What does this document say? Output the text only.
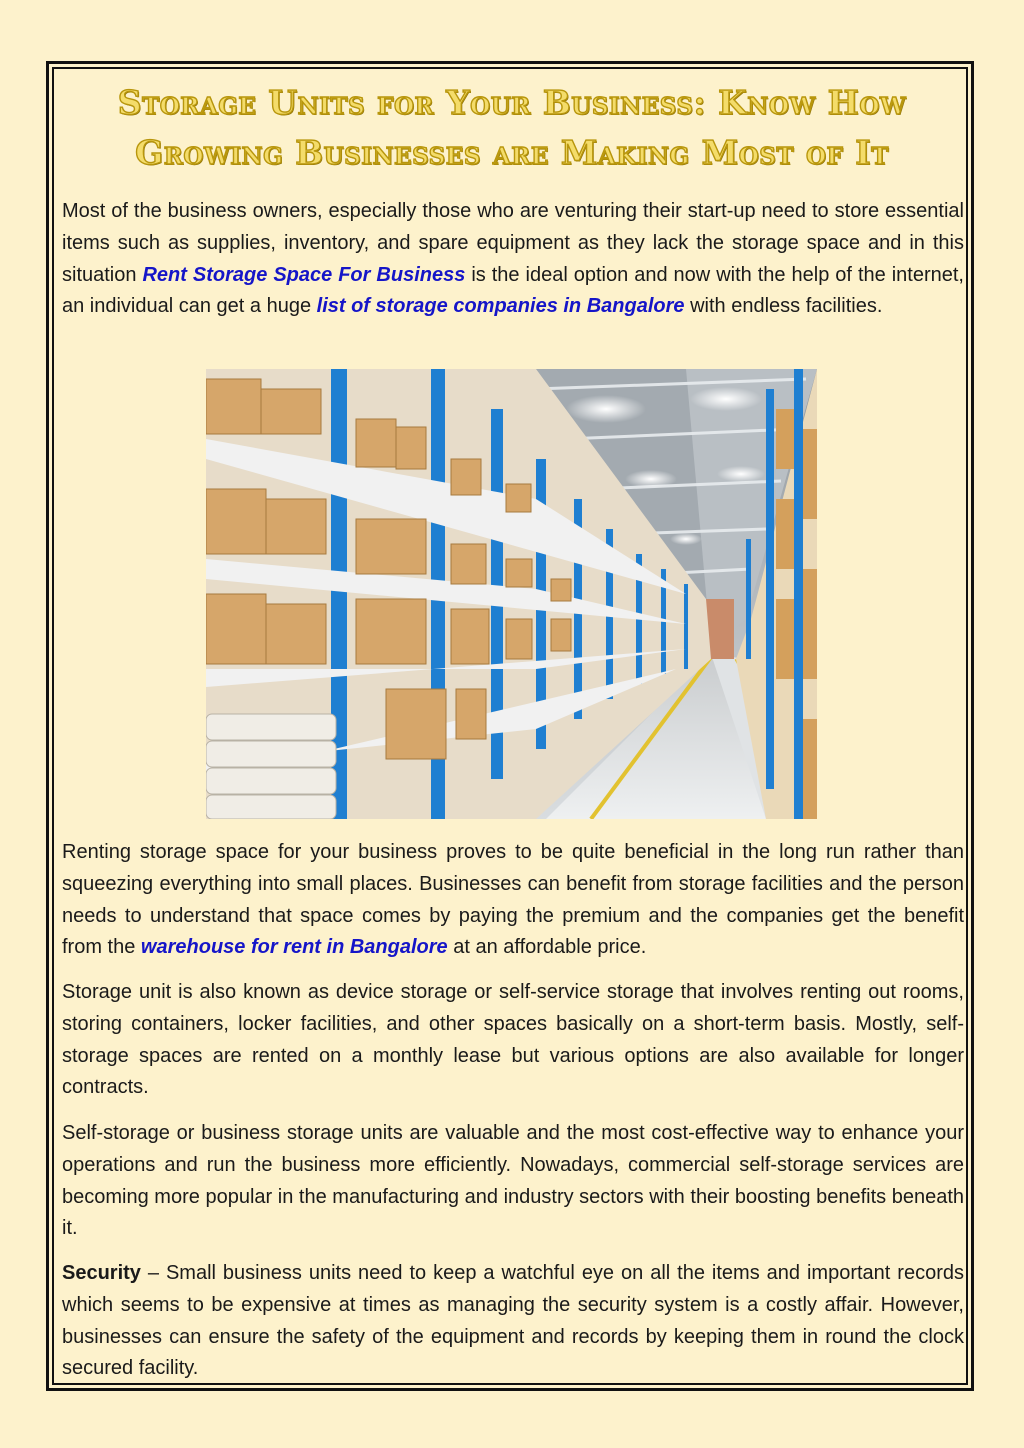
Storage Units for Your Business: Know How Growing Businesses are Making Most of It

Most of the business owners, especially those who are venturing their start-up need to store essential items such as supplies, inventory, and spare equipment as they lack the storage space and in this situation Rent Storage Space For Business is the ideal option and now with the help of the internet, an individual can get a huge list of storage companies in Bangalore with endless facilities.

Renting storage space for your business proves to be quite beneficial in the long run rather than squeezing everything into small places. Businesses can benefit from storage facilities and the person needs to understand that space comes by paying the premium and the companies get the benefit from the warehouse for rent in Bangalore at an affordable price.

Storage unit is also known as device storage or self-service storage that involves renting out rooms, storing containers, locker facilities, and other spaces basically on a short-term basis. Mostly, self-storage spaces are rented on a monthly lease but various options are also available for longer contracts.

Self-storage or business storage units are valuable and the most cost-effective way to enhance your operations and run the business more efficiently. Nowadays, commercial self-storage services are becoming more popular in the manufacturing and industry sectors with their boosting benefits beneath it.

Security – Small business units need to keep a watchful eye on all the items and important records which seems to be expensive at times as managing the security system is a costly affair. However, businesses can ensure the safety of the equipment and records by keeping them in round the clock secured facility.
